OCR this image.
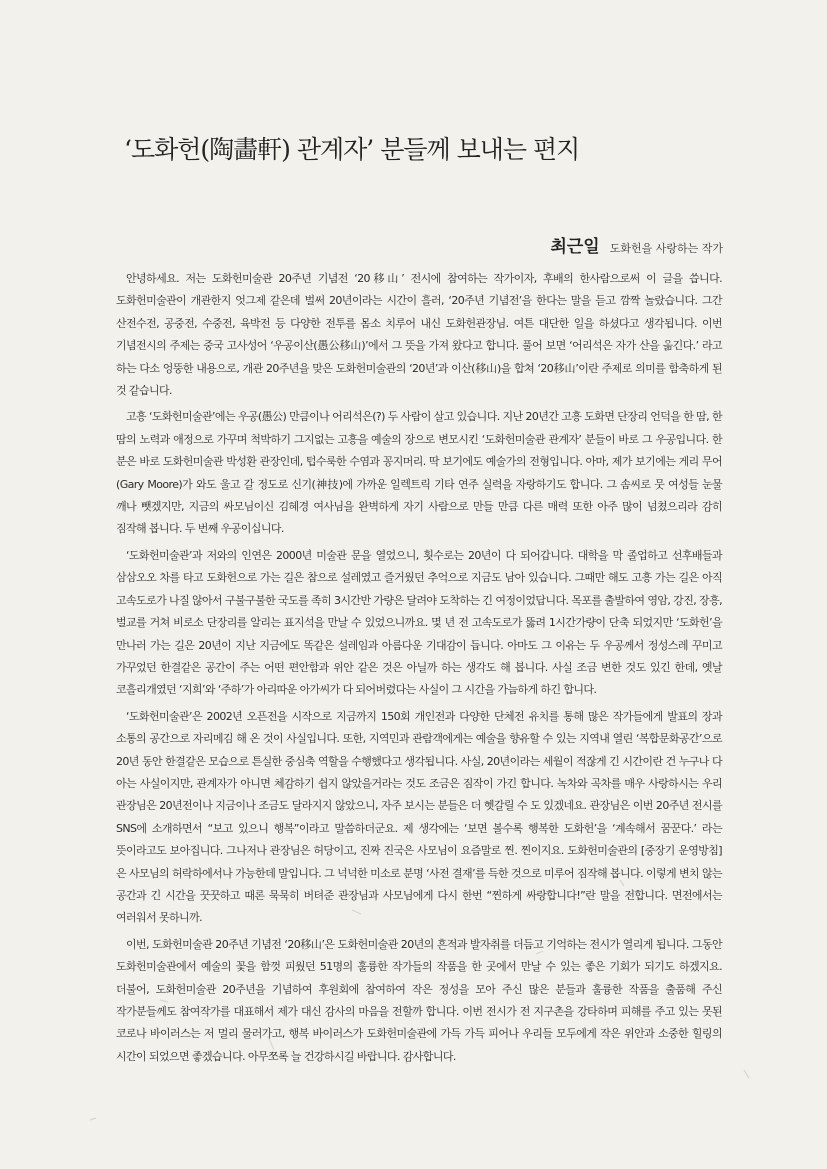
‘도화헌(陶畵軒) 관계자’ 분들께 보내는 편지
최근일 도화헌을 사랑하는 작가

안녕하세요. 저는 도화헌미술관 20주년 기념전 ‘20移山’ 전시에 참여하는 작가이자, 후배의 한사람으로써 이 글을 씁니다. 도화헌미술관이 개관한지 엇그제 같은데 벌써 20년이라는 시간이 흘러, ‘20주년 기념전’을 한다는 말을 듣고 깜짝 놀랐습니다. 그간 산전수전, 공중전, 수중전, 육박전 등 다양한 전투를 몸소 치루어 내신 도화헌관장님. 여튼 대단한 일을 하셨다고 생각됩니다. 이번 기념전시의 주제는 중국 고사성어 ‘우공이산(愚公移山)’에서 그 뜻을 가져 왔다고 합니다. 풀어 보면 ‘어리석은 자가 산을 옮긴다.’ 라고 하는 다소 엉뚱한 내용으로, 개관 20주년을 맞은 도화헌미술관의 ‘20년’과 이산(移山)을 합쳐 ‘20移山’이란 주제로 의미를 함축하게 된 것 같습니다.

고흥 ‘도화헌미술관’에는 우공(愚公) 만큼이나 어리석은(?) 두 사람이 살고 있습니다. 지난 20년간 고흥 도화면 단장리 언덕을 한 땀, 한 땀의 노력과 애정으로 가꾸며 척박하기 그지없는 고흥을 예술의 장으로 변모시킨 ‘도화헌미술관 관계자’ 분들이 바로 그 우공입니다. 한 분은 바로 도화헌미술관 박성환 관장인데, 텁수룩한 수염과 꽁지머리. 딱 보기에도 예술가의 전형입니다. 아마, 제가 보기에는 게리 무어(Gary Moore)가 와도 울고 갈 정도로 신기(神技)에 가까운 일렉트릭 기타 연주 실력을 자랑하기도 합니다. 그 솜씨로 뭇 여성들 눈물 깨나 뺏겠지만, 지금의 싸모님이신 김혜경 여사님을 완벽하게 자기 사람으로 만들 만큼 다른 매력 또한 아주 많이 넘쳤으리라 감히 짐작해 봅니다. 두 번째 우공이십니다.

‘도화헌미술관’과 저와의 인연은 2000년 미술관 문을 열었으니, 횟수로는 20년이 다 되어갑니다. 대학을 막 졸업하고 선후배들과 삼삼오오 차를 타고 도화헌으로 가는 길은 참으로 설레였고 즐거웠던 추억으로 지금도 남아 있습니다. 그때만 해도 고흥 가는 길은 아직 고속도로가 나질 않아서 구불구불한 국도를 족히 3시간반 가량은 달려야 도착하는 긴 여정이었답니다. 목포를 출발하여 영암, 강진, 장흥, 벌교를 거쳐 비로소 단장리를 알리는 표지석을 만날 수 있었으니까요. 몇 년 전 고속도로가 뚫려 1시간가량이 단축 되었지만 ‘도화헌’을 만나러 가는 길은 20년이 지난 지금에도 똑같은 설레임과 아름다운 기대감이 듭니다. 아마도 그 이유는 두 우공께서 정성스레 꾸미고 가꾸었던 한결같은 공간이 주는 어떤 편안함과 위안 같은 것은 아닐까 하는 생각도 해 봅니다. 사실 조금 변한 것도 있긴 한데, 옛날 코흘리개였던 ‘지희’와 ‘주하’가 아리따운 아가씨가 다 되어버렸다는 사실이 그 시간을 가늠하게 하긴 합니다.

‘도화헌미술관’은 2002년 오픈전을 시작으로 지금까지 150회 개인전과 다양한 단체전 유치를 통해 많은 작가들에게 발표의 장과 소통의 공간으로 자리메김 해 온 것이 사실입니다. 또한, 지역민과 관람객에게는 예술을 향유할 수 있는 지역내 열린 ‘복합문화공간’으로 20년 동안 한결같은 모습으로 튼실한 중심축 역할을 수행했다고 생각됩니다. 사실, 20년이라는 세월이 적잖게 긴 시간이란 건 누구나 다 아는 사실이지만, 관계자가 아니면 체감하기 쉽지 않았을거라는 것도 조금은 짐작이 가긴 합니다. 녹차와 곡차를 매우 사랑하시는 우리 관장님은 20년전이나 지금이나 조금도 달라지지 않았으니, 자주 보시는 분들은 더 헷갈릴 수 도 있겠네요. 관장님은 이번 20주년 전시를 SNS에 소개하면서 “보고 있으니 행복”이라고 말씀하더군요. 제 생각에는 ‘보면 볼수록 행복한 도화헌’을 ‘계속해서 꿈꾼다.’ 라는 뜻이라고도 보아집니다. 그나저나 관장님은 허당이고, 진짜 진국은 사모님이 요즘말로 찐. 찐이지요. 도화헌미술관의 [중장기 운영방침]은 사모님의 허락하에서나 가능한데 말입니다. 그 넉넉한 미소로 분명 ‘사전 결재’를 득한 것으로 미루어 짐작해 봅니다. 이렇게 변치 않는 공간과 긴 시간을 꿋꿋하고 때론 묵묵히 버텨준 관장님과 사모님에게 다시 한번 “찐하게 싸랑합니다!”란 말을 전합니다. 면전에서는 여러워서 못하니까.

이번, 도화헌미술관 20주년 기념전 ‘20移山’은 도화헌미술관 20년의 흔적과 발자취를 더듬고 기억하는 전시가 열리게 됩니다. 그동안 도화헌미술관에서 예술의 꽃을 함껏 피웠던 51명의 훌륭한 작가들의 작품을 한 곳에서 만날 수 있는 좋은 기회가 되기도 하겠지요. 더불어, 도화헌미술관 20주년을 기념하여 후원회에 참여하여 작은 정성을 모아 주신 많은 분들과 훌륭한 작품을 출품해 주신 작가분들께도 참여작가를 대표해서 제가 대신 감사의 마음을 전할까 합니다. 이번 전시가 전 지구촌을 강타하며 피해를 주고 있는 못된 코로나 바이러스는 저 멀리 물러가고, 행복 바이러스가 도화헌미술관에 가득 가득 피어나 우리들 모두에게 작은 위안과 소중한 힐링의 시간이 되었으면 좋겠습니다. 아무쪼록 늘 건강하시길 바랍니다. 감사합니다.
